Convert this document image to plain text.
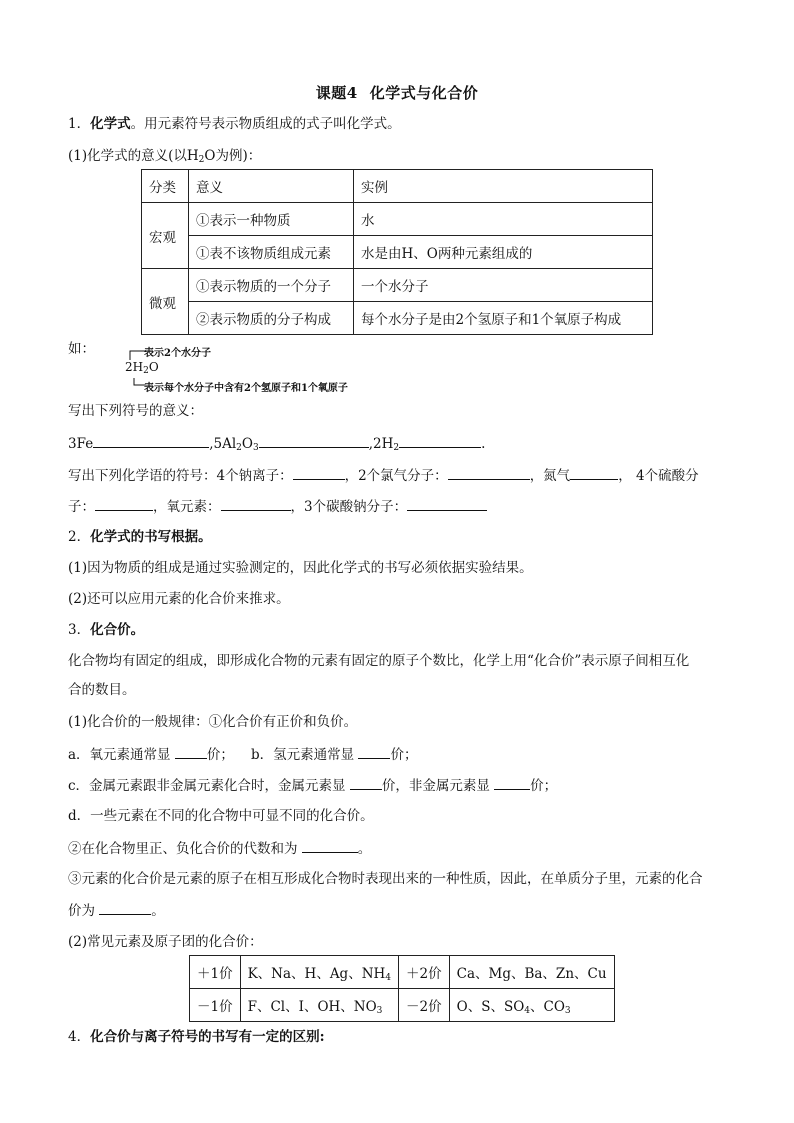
课题4 化学式与化合价
1．化学式。用元素符号表示物质组成的式子叫化学式。
(1)化学式的意义(以$H_2O$为例)：
分类	意义	实例
宏观	①表示一种物质	水
	①表不该物质组成元素	水是由H、O两种元素组成的
微观	①表示物质的一个分子	一个水分子
	②表示物质的分子构成	每个水分子是由2个氢原子和1个氧原子构成
如：	表示2个水分子
$2H_2O$
表示每个水分子中含有2个氢原子和1个氧原子
写出下列符号的意义：
3Fe	$,5Al_2O_3$	$,2H_2$	.
写出下列化学语的符号：4个钠离子：	，2个氯气分子：	，氮气	， 4个硫酸分
子：	，氧元素：	，3个碳酸钠分子：
2．化学式的书写根据。
(1)因为物质的组成是通过实验测定的，因此化学式的书写必须依据实验结果。
(2)还可以应用元素的化合价来推求。
3．化合价。
化合物均有固定的组成，即形成化合物的元素有固定的原子个数比，化学上用“化合价”表示原子间相互化
合的数目。
(1)化合价的一般规律：①化合价有正价和负价。
a．氧元素通常显	价； b．氢元素通常显	价；
c．金属元素跟非金属元素化合时，金属元素显	价，非金属元素显	价；
d．一些元素在不同的化合物中可显不同的化合价。
②在化合物里正、负化合价的代数和为	。
③元素的化合价是元素的原子在相互形成化合物时表现出来的一种性质，因此，在单质分子里，元素的化合
价为	。
(2)常见元素及原子团的化合价：
＋1价	K、Na、H、Ag、$NH_4$	＋2价	Ca、Mg、Ba、Zn、Cu
－1价	F、Cl、I、OH、$NO_3$	－2价	O、S、$SO_4$、$CO_3$
4．化合价与离子符号的书写有一定的区别:
